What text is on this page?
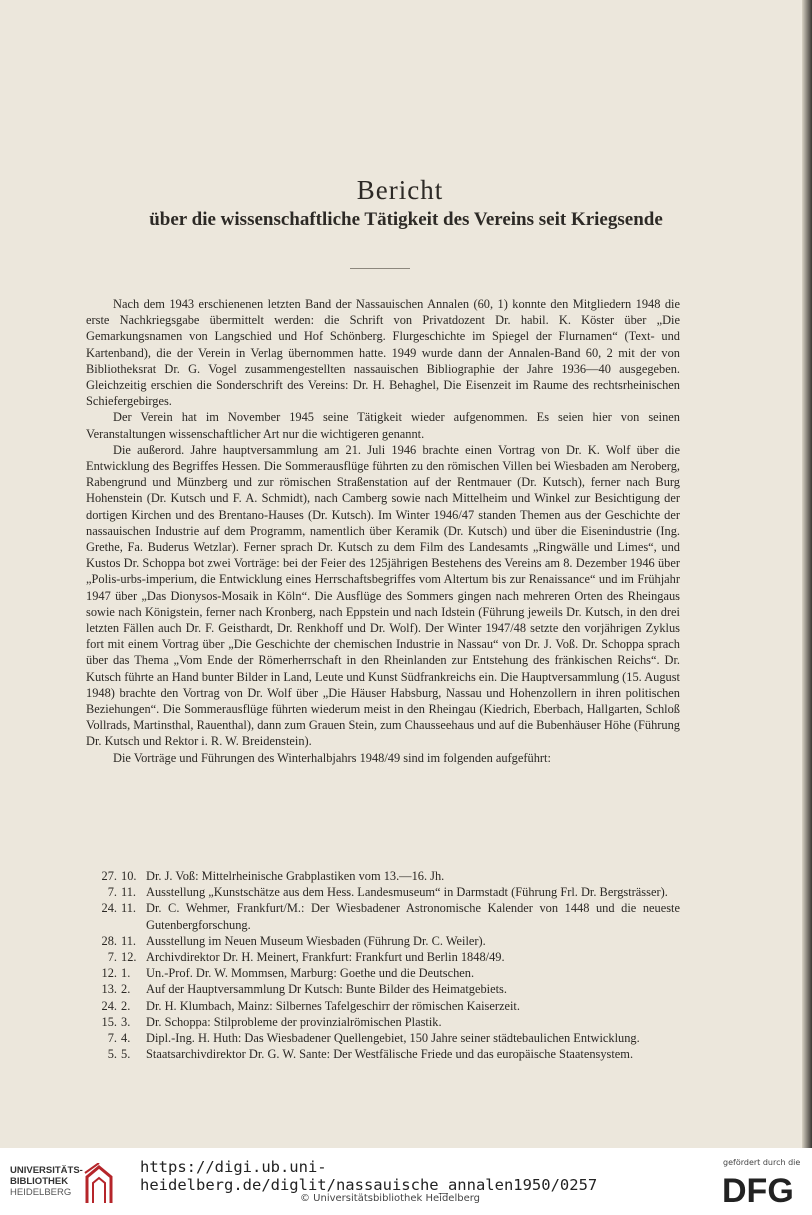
Bericht
über die wissenschaftliche Tätigkeit des Vereins seit Kriegsende

Nach dem 1943 erschienenen letzten Band der Nassauischen Annalen (60, 1) konnte den Mitgliedern 1948 die erste Nachkriegsgabe übermittelt werden: die Schrift von Privatdozent Dr. habil. K. Köster über „Die Gemarkungsnamen von Langschied und Hof Schönberg. Flurgeschichte im Spiegel der Flurnamen“ (Text- und Kartenband), die der Verein in Verlag übernommen hatte. 1949 wurde dann der Annalen-Band 60, 2 mit der von Bibliotheksrat Dr. G. Vogel zusammengestellten nassauischen Bibliographie der Jahre 1936—40 ausgegeben. Gleichzeitig erschien die Sonderschrift des Vereins: Dr. H. Behaghel, Die Eisenzeit im Raume des rechtsrheinischen Schiefergebirges.

Der Verein hat im November 1945 seine Tätigkeit wieder aufgenommen. Es seien hier von seinen Veranstaltungen wissenschaftlicher Art nur die wichtigeren genannt.

Die außerord. Jahre hauptversammlung am 21. Juli 1946 brachte einen Vortrag von Dr. K. Wolf über die Entwicklung des Begriffes Hessen. Die Sommerausflüge führten zu den römischen Villen bei Wiesbaden am Neroberg, Rabengrund und Münzberg und zur römischen Straßenstation auf der Rentmauer (Dr. Kutsch), ferner nach Burg Hohenstein (Dr. Kutsch und F. A. Schmidt), nach Camberg sowie nach Mittelheim und Winkel zur Besichtigung der dortigen Kirchen und des Brentano-Hauses (Dr. Kutsch). Im Winter 1946/47 standen Themen aus der Geschichte der nassauischen Industrie auf dem Programm, namentlich über Keramik (Dr. Kutsch) und über die Eisenindustrie (Ing. Grethe, Fa. Buderus Wetzlar). Ferner sprach Dr. Kutsch zu dem Film des Landesamts „Ringwälle und Limes“, und Kustos Dr. Schoppa bot zwei Vorträge: bei der Feier des 125jährigen Bestehens des Vereins am 8. Dezember 1946 über „Polis-urbs-imperium, die Entwicklung eines Herrschaftsbegriffes vom Altertum bis zur Renaissance“ und im Frühjahr 1947 über „Das Dionysos-Mosaik in Köln“. Die Ausflüge des Sommers gingen nach mehreren Orten des Rheingaus sowie nach Königstein, ferner nach Kronberg, nach Eppstein und nach Idstein (Führung jeweils Dr. Kutsch, in den drei letzten Fällen auch Dr. F. Geisthardt, Dr. Renkhoff und Dr. Wolf). Der Winter 1947/48 setzte den vorjährigen Zyklus fort mit einem Vortrag über „Die Geschichte der chemischen Industrie in Nassau“ von Dr. J. Voß. Dr. Schoppa sprach über das Thema „Vom Ende der Römerherrschaft in den Rheinlanden zur Entstehung des fränkischen Reichs“. Dr. Kutsch führte an Hand bunter Bilder in Land, Leute und Kunst Südfrankreichs ein. Die Hauptversammlung (15. August 1948) brachte den Vortrag von Dr. Wolf über „Die Häuser Habsburg, Nassau und Hohenzollern in ihren politischen Beziehungen“. Die Sommerausflüge führten wiederum meist in den Rheingau (Kiedrich, Eberbach, Hallgarten, Schloß Vollrads, Martinsthal, Rauenthal), dann zum Grauen Stein, zum Chausseehaus und auf die Bubenhäuser Höhe (Führung Dr. Kutsch und Rektor i. R. W. Breidenstein).

Die Vorträge und Führungen des Winterhalbjahrs 1948/49 sind im folgenden aufgeführt:

27. 10. Dr. J. Voß: Mittelrheinische Grabplastiken vom 13.—16. Jh.
7. 11. Ausstellung „Kunstschätze aus dem Hess. Landesmuseum“ in Darmstadt (Führung Frl. Dr. Bergsträsser).
24. 11. Dr. C. Wehmer, Frankfurt/M.: Der Wiesbadener Astronomische Kalender von 1448 und die neueste Gutenbergforschung.
28. 11. Ausstellung im Neuen Museum Wiesbaden (Führung Dr. C. Weiler).
7. 12. Archivdirektor Dr. H. Meinert, Frankfurt: Frankfurt und Berlin 1848/49.
12. 1.	Un.-Prof. Dr. W. Mommsen, Marburg: Goethe und die Deutschen.
13. 2.	Auf der Hauptversammlung Dr Kutsch: Bunte Bilder des Heimatgebiets.
24. 2.	Dr. H. Klumbach, Mainz: Silbernes Tafelgeschirr der römischen Kaiserzeit.
15. 3.	Dr. Schoppa: Stilprobleme der provinzialrömischen Plastik.
7. 4.	Dipl.-Ing. H. Huth: Das Wiesbadener Quellengebiet, 150 Jahre seiner städtebaulichen Entwicklung.
5. 5.	Staatsarchivdirektor Dr. G. W. Sante: Der Westfälische Friede und das europäische Staatensystem.
UNIVERSITÄTS-
BIBLIOTHEK
HEIDELBERG
https://digi.ub.uni-heidelberg.de/diglit/nassauische_annalen1950/0257
© Universitätsbibliothek Heidelberg
gefördert durch die
DFG
